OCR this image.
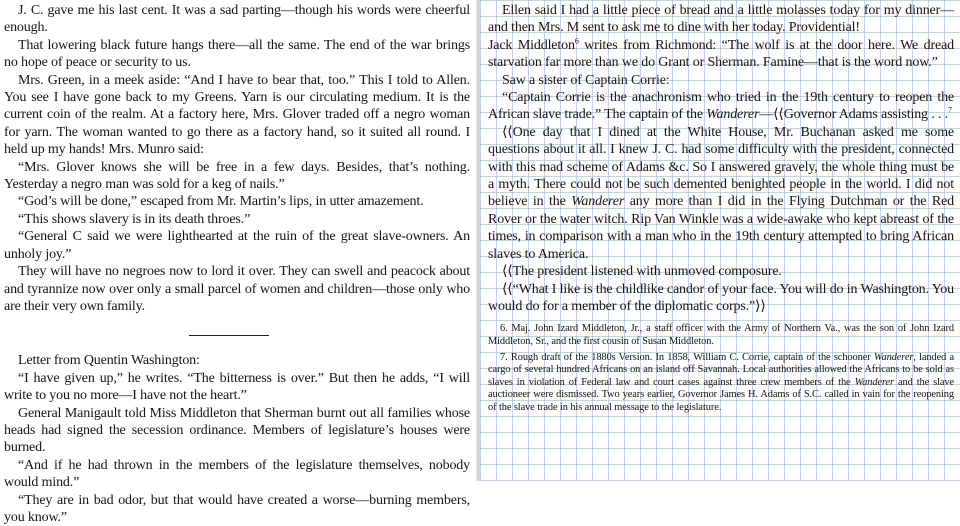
J. C. gave me his last cent. It was a sad parting—though his words were cheerful enough.

That lowering black future hangs there—all the same. The end of the war brings no hope of peace or security to us.

Mrs. Green, in a meek aside: “And I have to bear that, too.” This I told to Allen. You see I have gone back to my Greens. Yarn is our circulating medium. It is the current coin of the realm. At a factory here, Mrs. Glover traded off a negro woman for yarn. The woman wanted to go there as a factory hand, so it suited all round. I held up my hands! Mrs. Munro said:

“Mrs. Glover knows she will be free in a few days. Besides, that’s nothing. Yesterday a negro man was sold for a keg of nails.”

“God’s will be done,” escaped from Mr. Martin’s lips, in utter amazement.

“This shows slavery is in its death throes.”

“General C said we were lighthearted at the ruin of the great slave-owners. An unholy joy.”

They will have no negroes now to lord it over. They can swell and peacock about and tyrannize now over only a small parcel of women and children—those only who are their very own family.

Letter from Quentin Washington:

“I have given up,” he writes. “The bitterness is over.” But then he adds, “I will write to you no more—I have not the heart.”

General Manigault told Miss Middleton that Sherman burnt out all families whose heads had signed the secession ordinance. Members of legislature’s houses were burned.

“And if he had thrown in the members of the legislature themselves, nobody would mind.”

“They are in bad odor, but that would have created a worse—burning members, you know.”

Ellen said I had a little piece of bread and a little molasses today for my dinner—and then Mrs. M sent to ask me to dine with her today. Providential!

Jack Middleton$^6$ writes from Richmond: “The wolf is at the door here. We dread starvation far more than we do Grant or Sherman. Famine—that is the word now.”

Saw a sister of Captain Corrie:

“Captain Corrie is the anachronism who tried in the 19th century to reopen the African slave trade.” The captain of the Wanderer—⟨⟨Governor Adams assisting . . .$^7$

⟨⟨One day that I dined at the White House, Mr. Buchanan asked me some questions about it all. I knew J. C. had some difficulty with the president, connected with this mad scheme of Adams &c. So I answered gravely, the whole thing must be a myth. There could not be such demented benighted people in the world. I did not believe in the Wanderer any more than I did in the Flying Dutchman or the Red Rover or the water witch. Rip Van Winkle was a wide-awake who kept abreast of the times, in comparison with a man who in the 19th century attempted to bring African slaves to America.

⟨⟨The president listened with unmoved composure.

⟨⟨“What I like is the childlike candor of your face. You will do in Washington. You would do for a member of the diplomatic corps.”⟩⟩

6. Maj. John Izard Middleton, Jr., a staff officer with the Army of Northern Va., was the son of John Izard Middleton, Sr., and the first cousin of Susan Middleton.

7. Rough draft of the 1880s Version. In 1858, William C. Corrie, captain of the schooner Wanderer, landed a cargo of several hundred Africans on an island off Savannah. Local authorities allowed the Africans to be sold as slaves in violation of Federal law and court cases against three crew members of the Wanderer and the slave auctioneer were dismissed. Two years earlier, Governor James H. Adams of S.C. called in vain for the reopening of the slave trade in his annual message to the legislature.
